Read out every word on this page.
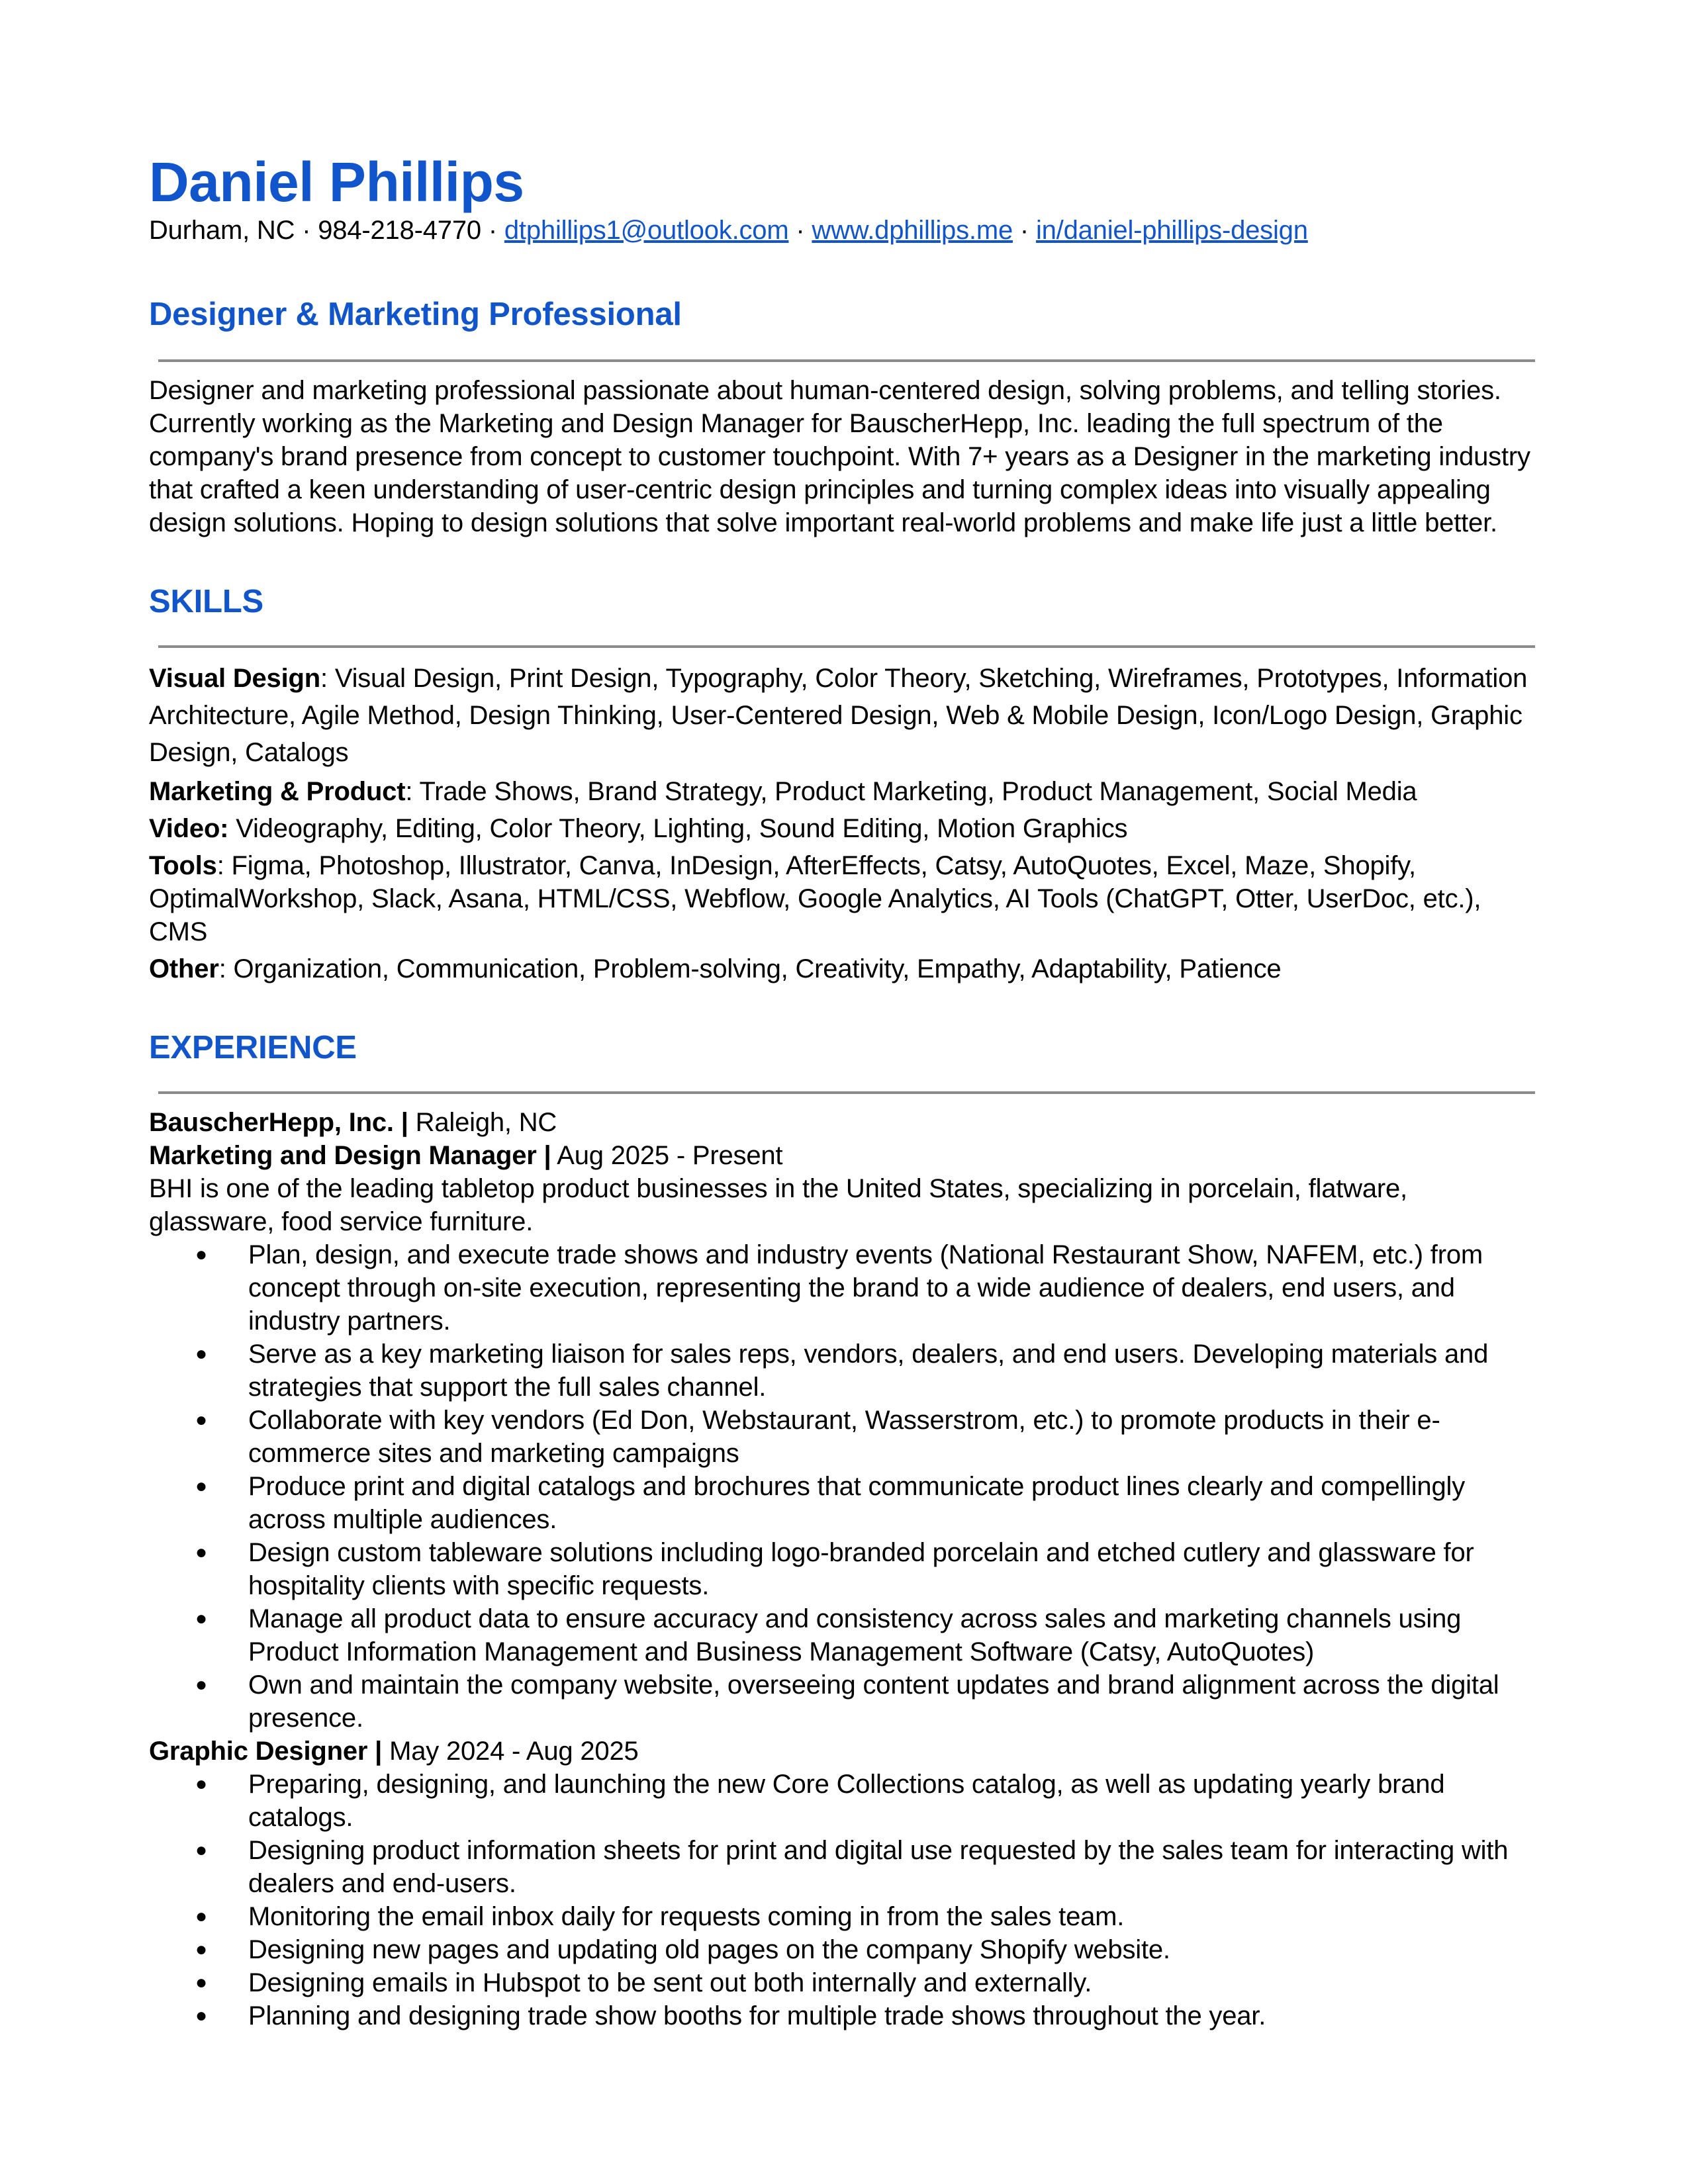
Daniel Phillips
Durham, NC · 984-218-4770 · dtphillips1@outlook.com · www.dphillips.me · in/daniel-phillips-design
Designer & Marketing Professional

Designer and marketing professional passionate about human-centered design, solving problems, and telling stories. Currently working as the Marketing and Design Manager for BauscherHepp, Inc. leading the full spectrum of the company's brand presence from concept to customer touchpoint. With 7+ years as a Designer in the marketing industry that crafted a keen understanding of user-centric design principles and turning complex ideas into visually appealing design solutions. Hoping to design solutions that solve important real-world problems and make life just a little better.

SKILLS

Visual Design: Visual Design, Print Design, Typography, Color Theory, Sketching, Wireframes, Prototypes, Information Architecture, Agile Method, Design Thinking, User-Centered Design, Web & Mobile Design, Icon/Logo Design, Graphic Design, Catalogs

Marketing & Product: Trade Shows, Brand Strategy, Product Marketing, Product Management, Social Media

Video: Videography, Editing, Color Theory, Lighting, Sound Editing, Motion Graphics

Tools: Figma, Photoshop, Illustrator, Canva, InDesign, AfterEffects, Catsy, AutoQuotes, Excel, Maze, Shopify, OptimalWorkshop, Slack, Asana, HTML/CSS, Webflow, Google Analytics, AI Tools (ChatGPT, Otter, UserDoc, etc.), CMS

Other: Organization, Communication, Problem-solving, Creativity, Empathy, Adaptability, Patience

EXPERIENCE

BauscherHepp, Inc. | Raleigh, NC

Marketing and Design Manager | Aug 2025 - Present

BHI is one of the leading tabletop product businesses in the United States, specializing in porcelain, flatware, glassware, food service furniture.

● Plan, design, and execute trade shows and industry events (National Restaurant Show, NAFEM, etc.) from concept through on-site execution, representing the brand to a wide audience of dealers, end users, and industry partners.
● Serve as a key marketing liaison for sales reps, vendors, dealers, and end users. Developing materials and strategies that support the full sales channel.
● Collaborate with key vendors (Ed Don, Webstaurant, Wasserstrom, etc.) to promote products in their e-commerce sites and marketing campaigns
● Produce print and digital catalogs and brochures that communicate product lines clearly and compellingly across multiple audiences.
● Design custom tableware solutions including logo-branded porcelain and etched cutlery and glassware for hospitality clients with specific requests.
● Manage all product data to ensure accuracy and consistency across sales and marketing channels using Product Information Management and Business Management Software (Catsy, AutoQuotes)
● Own and maintain the company website, overseeing content updates and brand alignment across the digital presence.

Graphic Designer | May 2024 - Aug 2025

● Preparing, designing, and launching the new Core Collections catalog, as well as updating yearly brand catalogs.
● Designing product information sheets for print and digital use requested by the sales team for interacting with dealers and end-users.
● Monitoring the email inbox daily for requests coming in from the sales team.
● Designing new pages and updating old pages on the company Shopify website.
● Designing emails in Hubspot to be sent out both internally and externally.
● Planning and designing trade show booths for multiple trade shows throughout the year.
